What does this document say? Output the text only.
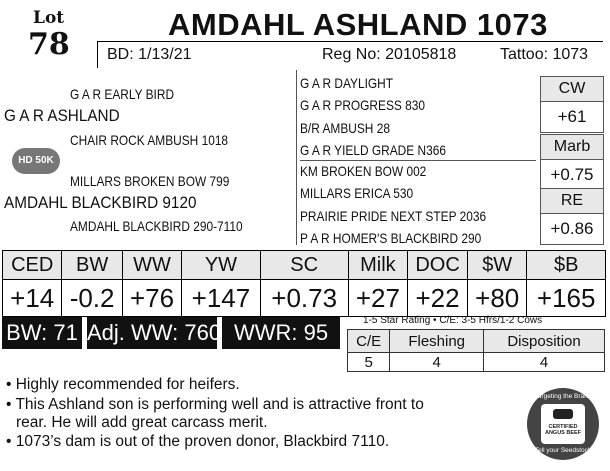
Lot
78
AMDAHL ASHLAND 1073
BD: 1/13/21	Reg No: 20105818	Tattoo: 1073
G A R EARLY BIRD
G A R ASHLAND
CHAIR ROCK AMBUSH 1018
HD 50K
MILLARS BROKEN BOW 799
AMDAHL BLACKBIRD 9120
AMDAHL BLACKBIRD 290-7110
G A R DAYLIGHT
G A R PROGRESS 830
B/R AMBUSH 28
G A R YIELD GRADE N366
KM BROKEN BOW 002
MILLARS ERICA 530
PRAIRIE PRIDE NEXT STEP 2036
P A R HOMER'S BLACKBIRD 290
CW
+61
Marb
+0.75
RE
+0.86
CED	BW	WW	YW	SC	Milk	DOC	$W	$B
+14	-0.2	+76	+147	+0.73	+27	+22	+80	+165
BW: 71 Adj. WW: 760 WWR: 95	1-5 Star Rating • C/E: 3-5 Hfrs/1-2 Cows
C/E	Fleshing	Disposition
5	4	4
• Highly recommended for heifers.
• This Ashland son is performing well and is attractive front to
rear. He will add great carcass merit.
• 1073’s dam is out of the proven donor, Blackbird 7110.
Targeting the Brand
CERTIFIED ANGUS BEEF
Tell your Seedstock
